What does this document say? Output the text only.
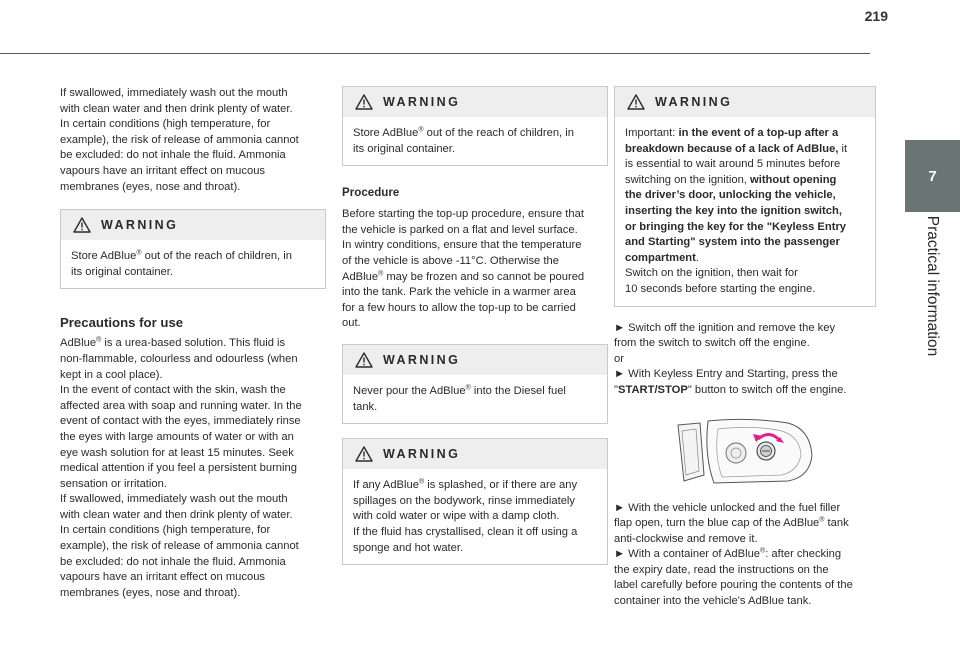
219
7
Practical information

If swallowed, immediately wash out the mouth

with clean water and then drink plenty of water.

In certain conditions (high temperature, for

example), the risk of release of ammonia cannot

be excluded: do not inhale the fluid. Ammonia

vapours have an irritant effect on mucous

membranes (eyes, nose and throat).

WARNING

Store AdBlue® out of the reach of children, in

its original container.

Precautions for use

AdBlue® is a urea-based solution. This fluid is

non-flammable, colourless and odourless (when

kept in a cool place).

In the event of contact with the skin, wash the

affected area with soap and running water. In the

event of contact with the eyes, immediately rinse

the eyes with large amounts of water or with an

eye wash solution for at least 15 minutes. Seek

medical attention if you feel a persistent burning

sensation or irritation.

If swallowed, immediately wash out the mouth

with clean water and then drink plenty of water.

In certain conditions (high temperature, for

example), the risk of release of ammonia cannot

be excluded: do not inhale the fluid. Ammonia

vapours have an irritant effect on mucous

membranes (eyes, nose and throat).

WARNING

Store AdBlue® out of the reach of children, in

its original container.

Procedure

Before starting the top-up procedure, ensure that

the vehicle is parked on a flat and level surface.

In wintry conditions, ensure that the temperature

of the vehicle is above -11°C. Otherwise the

AdBlue® may be frozen and so cannot be poured

into the tank. Park the vehicle in a warmer area

for a few hours to allow the top-up to be carried

out.

WARNING

Never pour the AdBlue® into the Diesel fuel

tank.

WARNING

If any AdBlue® is splashed, or if there are any

spillages on the bodywork, rinse immediately

with cold water or wipe with a damp cloth.

If the fluid has crystallised, clean it off using a

sponge and hot water.

WARNING

Important: in the event of a top-up after a

breakdown because of a lack of AdBlue, it

is essential to wait around 5 minutes before

switching on the ignition, without opening

the driver’s door, unlocking the vehicle,

inserting the key into the ignition switch,

or bringing the key for the "Keyless Entry

and Starting" system into the passenger

compartment.

Switch on the ignition, then wait for

10 seconds before starting the engine.

► Switch off the ignition and remove the key

from the switch to switch off the engine.

or

► With Keyless Entry and Starting, press the

"START/STOP" button to switch off the engine.

► With the vehicle unlocked and the fuel filler

flap open, turn the blue cap of the AdBlue® tank

anti-clockwise and remove it.

► With a container of AdBlue®: after checking

the expiry date, read the instructions on the

label carefully before pouring the contents of the

container into the vehicle's AdBlue tank.
